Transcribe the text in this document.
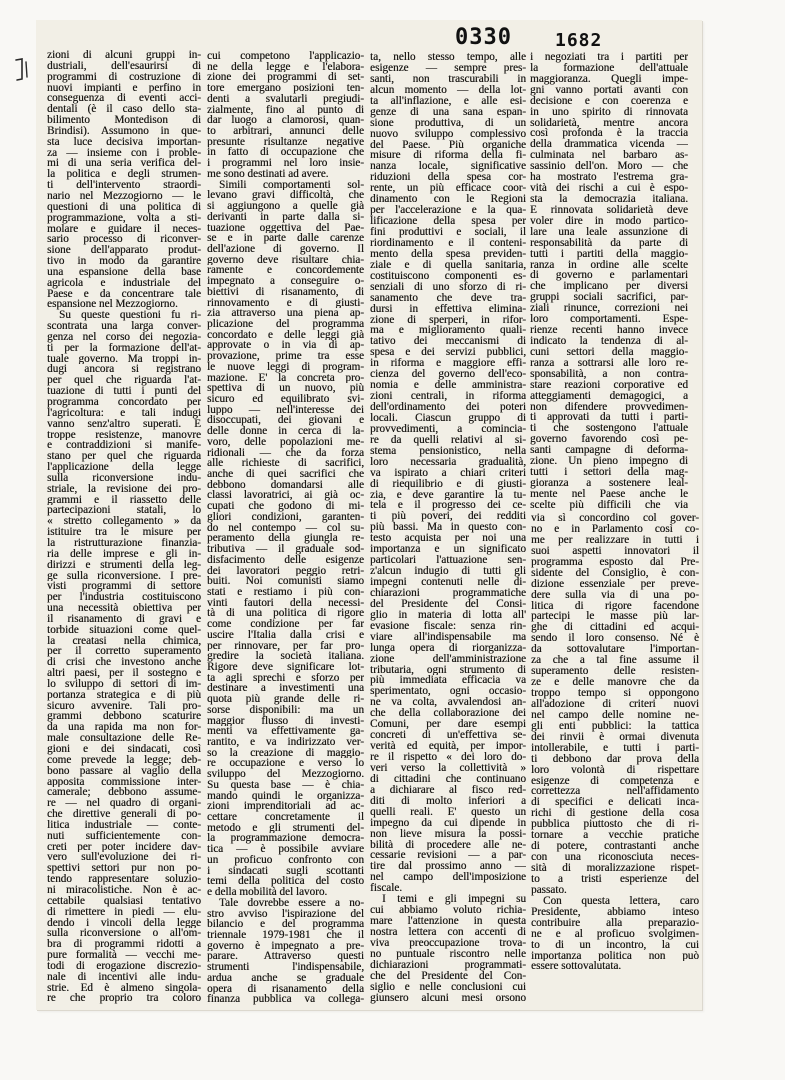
0330 1682
zioni di alcuni gruppi in-
dustriali, dell'esaurirsi di
programmi di costruzione di
nuovi impianti e perfino in
conseguenza di eventi acci-
dentali (è il caso dello sta-
bilimento Montedison di
Brindisi). Assumono in que-
sta luce decisiva importan-
za — insieme con i proble-
mi di una seria verifica del-
la politica e degli strumen-
ti dell'intervento straordi-
nario nel Mezzogiorno — le
questioni di una politica di
programmazione, volta a sti-
molare e guidare il neces-
sario processo di riconver-
sione dell'apparato produt-
tivo in modo da garantire
una espansione della base
agricola e industriale del
Paese e da concentrare tale
espansione nel Mezzogiorno.
Su queste questioni fu ri-
scontrata una larga conver-
genza nel corso dei negozia-
ti per la formazione dell'at-
tuale governo. Ma troppi in-
dugi ancora si registrano
per quel che riguarda l'at-
tuazione di tutti i punti del
programma concordato per
l'agricoltura: e tali indugi
vanno senz'altro superati. E
troppe resistenze, manovre
e contraddizioni si manife-
stano per quel che riguarda
l'applicazione della legge
sulla riconversione indu-
striale, la revisione dei pro-
grammi e il riassetto delle
partecipazioni statali, lo
« stretto collegamento » da
istituire tra le misure per
la ristrutturazione finanzia-
ria delle imprese e gli in-
dirizzi e strumenti della leg-
ge sulla riconversione. I pre-
visti programmi di settore
per l'industria costituiscono
una necessità obiettiva per
il risanamento di gravi e
torbide situazioni come quel-
la creatasi nella chimica,
per il corretto superamento
di crisi che investono anche
altri paesi, per il sostegno e
lo sviluppo di settori di im-
portanza strategica e di più
sicuro avvenire. Tali pro-
grammi debbono scaturire
da una rapida ma non for-
male consultazione delle Re-
gioni e dei sindacati, così
come prevede la legge; deb-
bono passare al vaglio della
apposita commissione inter-
camerale; debbono assume-
re — nel quadro di organi-
che direttive generali di po-
litica industriale — conte-
nuti sufficientemente con-
creti per poter incidere dav-
vero sull'evoluzione dei ri-
spettivi settori pur non po-
tendo rappresentare soluzio-
ni miracolistiche. Non è ac-
cettabile qualsiasi tentativo
di rimettere in piedi — elu-
dendo i vincoli della legge
sulla riconversione o all'om-
bra di programmi ridotti a
pure formalità — vecchi me-
todi di erogazione discrezio-
nale di incentivi alle indu-
strie. Ed è almeno singola-
re che proprio tra coloro
cui competono l'applicazio-
ne della legge e l'elabora-
zione dei programmi di set-
tore emergano posizioni ten-
denti a svalutarli pregiudi-
zialmente, fino al punto di
dar luogo a clamorosi, quan-
to arbitrari, annunci delle
presunte risultanze negative
in fatto di occupazione che
i programmi nel loro insie-
me sono destinati ad avere.
Simili comportamenti sol-
levano gravi difficoltà, che
si aggiungono a quelle già
derivanti in parte dalla si-
tuazione oggettiva del Pae-
se e in parte dalle carenze
dell'azione di governo. Il
governo deve risultare chia-
ramente e concordemente
impegnato a conseguire o-
biettivi di risanamento, di
rinnovamento e di giusti-
zia attraverso una piena ap-
plicazione del programma
concordato e delle leggi già
approvate o in via di ap-
provazione, prime tra esse
le nuove leggi di program-
mazione. E' la concreta pro-
spettiva di un nuovo, più
sicuro ed equilibrato svi-
luppo — nell'interesse dei
disoccupati, dei giovani e
delle donne in cerca di la-
voro, delle popolazioni me-
ridionali — che da forza
alle richieste di sacrifici,
anche di quei sacrifici che
debbono domandarsi alle
classi lavoratrici, ai già oc-
cupati che godono di mi-
gliori condizioni, garanten-
do nel contempo — col su-
peramento della giungla re-
tributiva — il graduale sod-
disfacimento delle esigenze
dei lavoratori peggio retri-
buiti. Noi comunisti siamo
stati e restiamo i più con-
vinti fautori della necessi-
tà di una politica di rigore
come condizione per far
uscire l'Italia dalla crisi e
per rinnovare, per far pro-
gredire la società italiana.
Rigore deve significare lot-
ta agli sprechi e sforzo per
destinare a investimenti una
quota più grande delle ri-
sorse disponibili: ma un
maggior flusso di investi-
menti va effettivamente ga-
rantito, e va indirizzato ver-
so la creazione di maggio-
re occupazione e verso lo
sviluppo del Mezzogiorno.
Su questa base — è chia-
mando quindi le organizza-
zioni imprenditoriali ad ac-
cettare concretamente il
metodo e gli strumenti del-
la programmazione democra-
tica — è possibile avviare
un proficuo confronto con
i sindacati sugli scottanti
temi della politica del costo
e della mobilità del lavoro.
Tale dovrebbe essere a no-
stro avviso l'ispirazione del
bilancio e del programma
triennale 1979-1981 che il
governo è impegnato a pre-
parare. Attraverso questi
strumenti l'indispensabile,
ardua anche se graduale
opera di risanamento della
finanza pubblica va collega-
ta, nello stesso tempo, alle
esigenze — sempre pres-
santi, non trascurabili in
alcun momento — della lot-
ta all'inflazione, e alle esi-
genze di una sana espan-
sione produttiva, di un
nuovo sviluppo complessivo
del Paese. Più organiche
misure di riforma della fi-
nanza locale, significative
riduzioni della spesa cor-
rente, un più efficace coor-
dinamento con le Regioni
per l'accelerazione e la qua-
lificazione della spesa per
fini produttivi e sociali, il
riordinamento e il conteni-
mento della spesa previden-
ziale e di quella sanitaria,
costituiscono componenti es-
senziali di uno sforzo di ri-
sanamento che deve tra-
dursi in effettiva elimina-
zione di sperperi, in rifor-
ma e miglioramento quali-
tativo dei meccanismi di
spesa e dei servizi pubblici,
in riforma e maggiore effi-
cienza del governo dell'eco-
nomia e delle amministra-
zioni centrali, in riforma
dell'ordinamento dei poteri
locali. Ciascun gruppo di
provvedimenti, a comincia-
re da quelli relativi al si-
stema pensionistico, nella
loro necessaria gradualità,
va ispirato a chiari criteri
di riequilibrio e di giusti-
zia, e deve garantire la tu-
tela e il progresso dei ce-
ti più poveri, dei redditi
più bassi. Ma in questo con-
testo acquista per noi una
importanza e un significato
particolari l'attuazione sen-
z'alcun indugio di tutti gli
impegni contenuti nelle di-
chiarazioni programmatiche
del Presidente del Consi-
glio in materia di lotta all'
evasione fiscale: senza rin-
viare all'indispensabile ma
lunga opera di riorganizza-
zione dell'amministrazione
tributaria, ogni strumento di
più immediata efficacia va
sperimentato, ogni occasio-
ne va colta, avvalendosi an-
che della collaborazione dei
Comuni, per dare esempi
concreti di un'effettiva se-
verità ed equità, per impor-
re il rispetto « dei loro do-
veri verso la collettività »
di cittadini che continuano
a dichiarare al fisco red-
diti di molto inferiori a
quelli reali. E' questo un
impegno da cui dipende in
non lieve misura la possi-
bilità di procedere alle ne-
cessarie revisioni — a par-
tire dal prossimo anno —
nel campo dell'imposizione
fiscale.
I temi e gli impegni su
cui abbiamo voluto richia-
mare l'attenzione in questa
nostra lettera con accenti di
viva preoccupazione trova-
no puntuale riscontro nelle
dichiarazioni programmati-
che del Presidente del Con-
siglio e nelle conclusioni cui
giunsero alcuni mesi orsono
i negoziati tra i partiti per
la formazione dell'attuale
maggioranza. Quegli impe-
gni vanno portati avanti con
decisione e con coerenza e
in uno spirito di rinnovata
solidarietà, mentre ancora
così profonda è la traccia
della drammatica vicenda —
culminata nel barbaro as-
sassinio dell'on. Moro — che
ha mostrato l'estrema gra-
vità dei rischi a cui è espo-
sta la democrazia italiana.
E rinnovata solidarietà deve
voler dire in modo partico-
lare una leale assunzione di
responsabilità da parte di
tutti i partiti della maggio-
ranza in ordine alle scelte
di governo e parlamentari
che implicano per diversi
gruppi sociali sacrifici, par-
ziali rinunce, correzioni nei
loro comportamenti. Espe-
rienze recenti hanno invece
indicato la tendenza di al-
cuni settori della maggio-
ranza a sottrarsi alle loro re-
sponsabilità, a non contra-
stare reazioni corporative ed
atteggiamenti demagogici, a
non difendere provvedimen-
ti approvati da tutti i parti-
ti che sostengono l'attuale
governo favorendo così pe-
santi campagne di deforma-
zione. Un pieno impegno di
tutti i settori della mag-
gioranza a sostenere leal-
mente nel Paese anche le
scelte più difficili che via
via sì concordino col gover-
no e in Parlamento così co-
me per realizzare in tutti i
suoi aspetti innovatori il
programma esposto dal Pre-
sidente del Consiglio, è con-
dizione essenziale per preve-
dere sulla via di una po-
litica di rigore facendone
partecipi le masse più lar-
ghe di cittadini ed acqui-
sendo il loro consenso. Né è
da sottovalutare l'importan-
za che a tal fine assume il
superamento delle resisten-
ze e delle manovre che da
troppo tempo si oppongono
all'adozione di criteri nuovi
nel campo delle nomine ne-
gli enti pubblici: la tattica
dei rinvii è ormai divenuta
intollerabile, e tutti i parti-
ti debbono dar prova della
loro volontà di rispettare
esigenze di competenza e
correttezza nell'affidamento
di specifici e delicati inca-
richi di gestione della cosa
pubblica piuttosto che di ri-
tornare a vecchie pratiche
di potere, contrastanti anche
con una riconosciuta neces-
sità di moralizzazione rispet-
to a tristi esperienze del
passato.
Con questa lettera, caro
Presidente, abbiamo inteso
contribuire alla preparazio-
ne e al proficuo svolgimen-
to di un incontro, la cui
importanza politica non può
essere sottovalutata.
